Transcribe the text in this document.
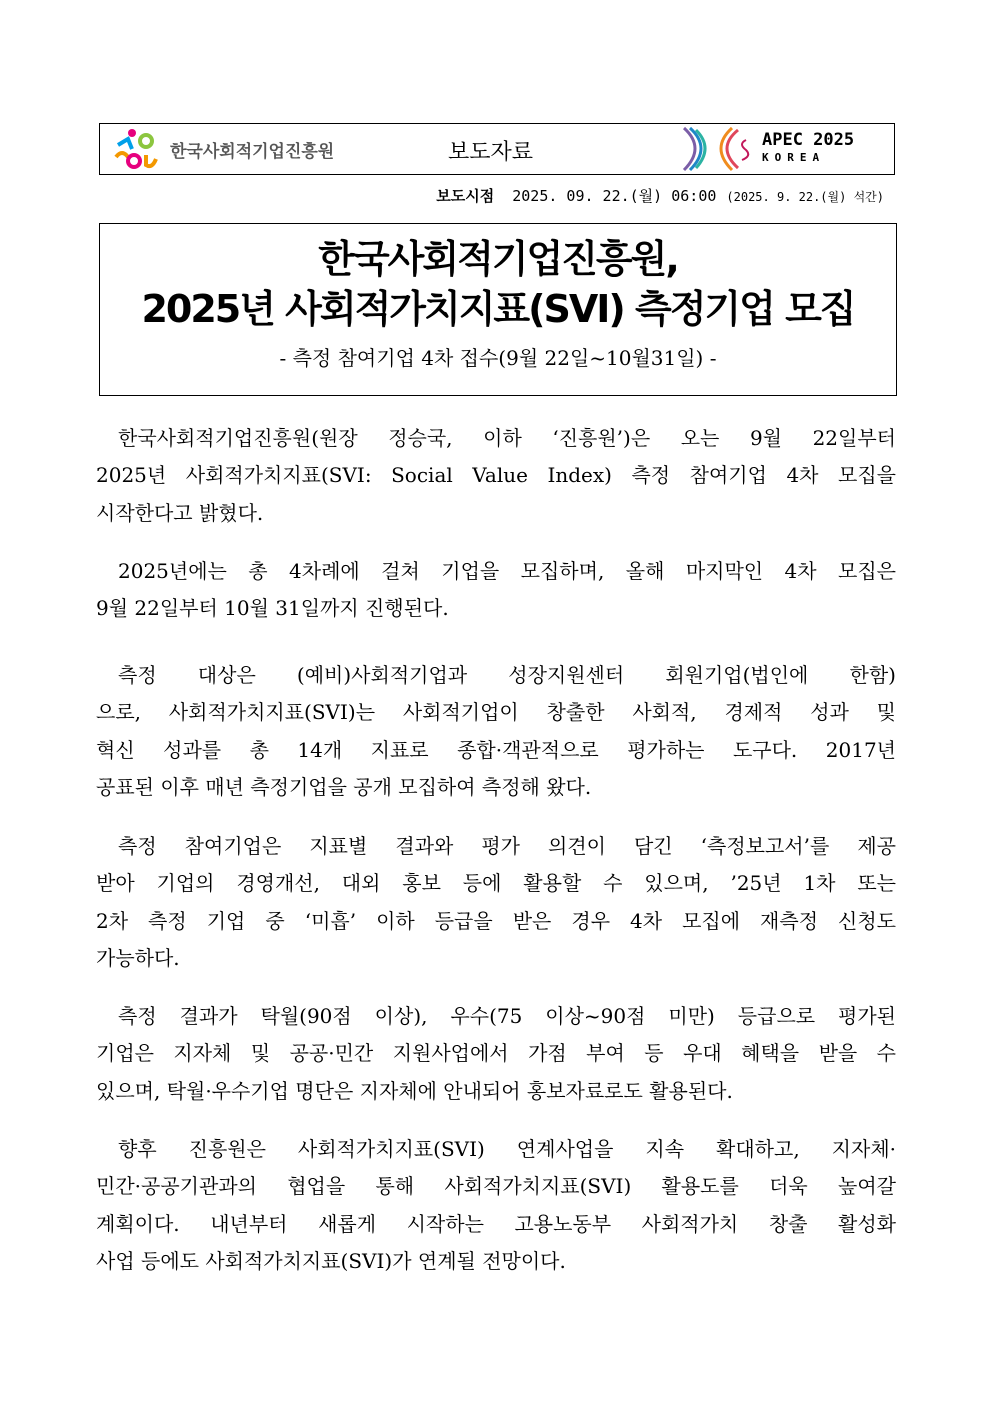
한국사회적기업진흥원	보도자료	APEC 2025
KOREA
보도시점 2025. 09. 22.(월) 06:00 (2025. 9. 22.(월) 석간)
한국사회적기업진흥원,
2025년 사회적가치지표(SVI) 측정기업 모집
- 측정 참여기업 4차 접수(9월 22일~10월31일) -
한국사회적기업진흥원(원장 정승국, 이하 ‘진흥원’)은 오는 9월 22일부터
2025년 사회적가치지표(SVI: Social Value Index) 측정 참여기업 4차 모집을
시작한다고 밝혔다.
2025년에는 총 4차례에 걸쳐 기업을 모집하며, 올해 마지막인 4차 모집은
9월 22일부터 10월 31일까지 진행된다.
측정 대상은 (예비)사회적기업과 성장지원센터 회원기업(법인에 한함)
으로, 사회적가치지표(SVI)는 사회적기업이 창출한 사회적, 경제적 성과 및
혁신 성과를 총 14개 지표로 종합·객관적으로 평가하는 도구다. 2017년
공표된 이후 매년 측정기업을 공개 모집하여 측정해 왔다.
측정 참여기업은 지표별 결과와 평가 의견이 담긴 ‘측정보고서’를 제공
받아 기업의 경영개선, 대외 홍보 등에 활용할 수 있으며, ’25년 1차 또는
2차 측정 기업 중 ‘미흡’ 이하 등급을 받은 경우 4차 모집에 재측정 신청도
가능하다.
측정 결과가 탁월(90점 이상), 우수(75 이상~90점 미만) 등급으로 평가된
기업은 지자체 및 공공·민간 지원사업에서 가점 부여 등 우대 혜택을 받을 수
있으며, 탁월·우수기업 명단은 지자체에 안내되어 홍보자료로도 활용된다.
향후 진흥원은 사회적가치지표(SVI) 연계사업을 지속 확대하고, 지자체·
민간·공공기관과의 협업을 통해 사회적가치지표(SVI) 활용도를 더욱 높여갈
계획이다. 내년부터 새롭게 시작하는 고용노동부 사회적가치 창출 활성화
사업 등에도 사회적가치지표(SVI)가 연계될 전망이다.
